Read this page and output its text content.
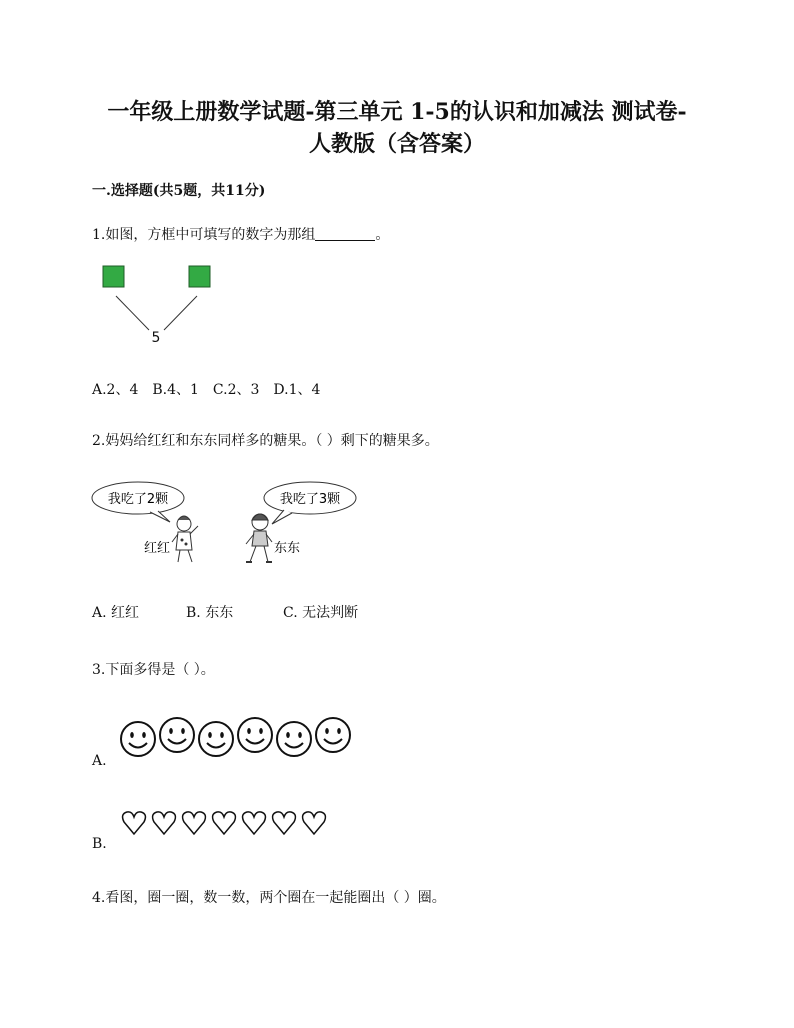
一年级上册数学试题-第三单元 1-5的认识和加减法 测试卷-
人教版（含答案）
一.选择题(共5题，共11分)
1.如图，方框中可填写的数字为那组	。
5
A.2、4　B.4、1　C.2、3　D.1、4
2.妈妈给红红和东东同样多的糖果。（ ）剩下的糖果多。
我吃了2颗
红红
我吃了3颗
东东
A. 红红	B. 东东	C. 无法判断
3.下面多得是（ ）。
A.
B.
4.看图，圈一圈，数一数，两个圈在一起能圈出（ ）圈。
